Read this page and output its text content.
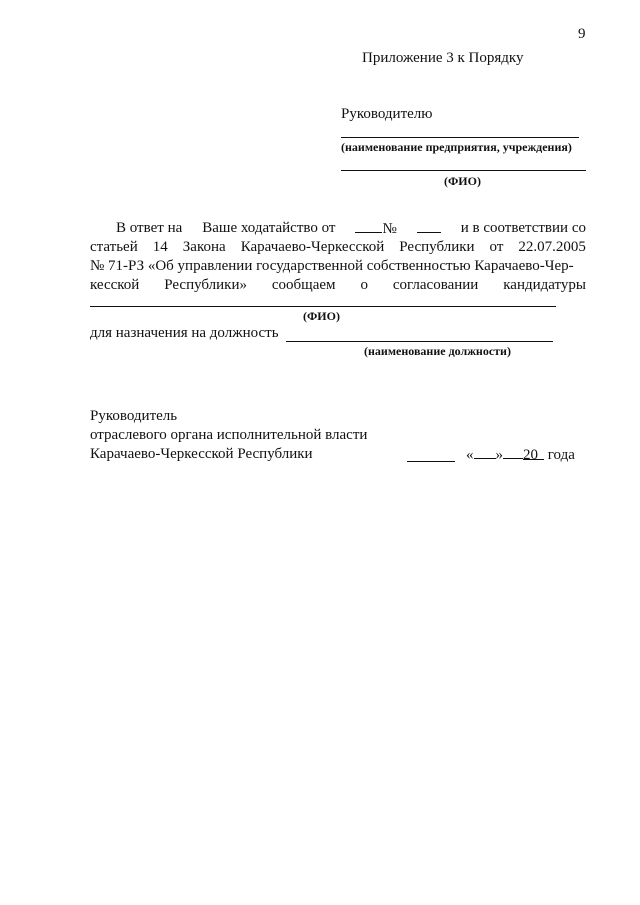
9
Приложение 3 к Порядку
Руководителю
(наименование предприятия, учреждения)
(ФИО)
В ответ на Ваше ходатайство от	№	и в соответствии со
статьей 14 Закона Карачаево-Черкесской Республики от 22.07.2005
№ 71-РЗ «Об управлении государственной собственностью Карачаево-Чер-
кесской Республики» сообщаем о согласовании кандидатуры
(ФИО)
для назначения на должность
(наименование должности)
Руководитель
отраслевого органа исполнительной власти
Карачаево-Черкесской Республики	« » 20 года
